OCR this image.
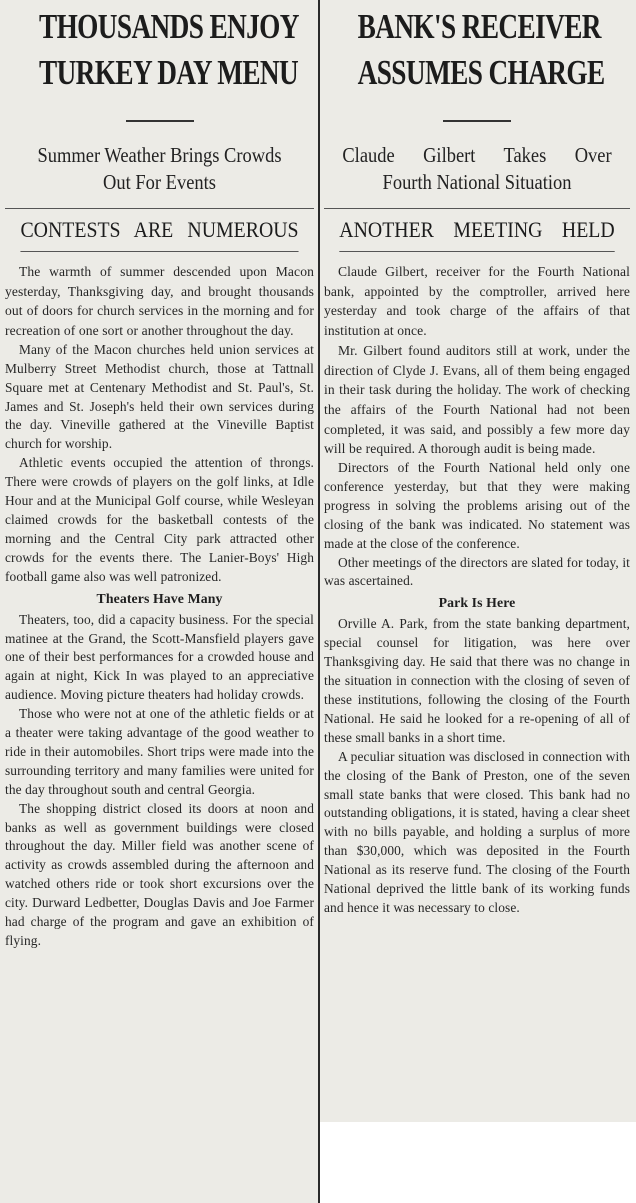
THOUSANDS ENJOY
TURKEY DAY MENU
Summer Weather Brings Crowds
Out For Events
CONTESTS ARE NUMEROUS

The warmth of summer descended upon Macon yesterday, Thanksgiving day, and brought thousands out of doors for church services in the morning and for recreation of one sort or another throughout the day.

Many of the Macon churches held union services at Mulberry Street Methodist church, those at Tattnall Square met at Centenary Methodist and St. Paul's, St. James and St. Joseph's held their own services during the day. Vineville gathered at the Vineville Baptist church for worship.

Athletic events occupied the attention of throngs. There were crowds of players on the golf links, at Idle Hour and at the Municipal Golf course, while Wesleyan claimed crowds for the basketball contests of the morning and the Central City park attracted other crowds for the events there. The Lanier-Boys' High football game also was well patronized.

Theaters Have Many

Theaters, too, did a capacity business. For the special matinee at the Grand, the Scott-Mansfield players gave one of their best performances for a crowded house and again at night, Kick In was played to an appreciative audience. Moving picture theaters had holiday crowds.

Those who were not at one of the athletic fields or at a theater were taking advantage of the good weather to ride in their automobiles. Short trips were made into the surrounding territory and many families were united for the day throughout south and central Georgia.

The shopping district closed its doors at noon and banks as well as government buildings were closed throughout the day. Miller field was another scene of activity as crowds assembled during the afternoon and watched others ride or took short excursions over the city. Durward Ledbetter, Douglas Davis and Joe Farmer had charge of the program and gave an exhibition of flying.

BANK'S RECEIVER
ASSUMES CHARGE
Claude Gilbert Takes Over
Fourth National Situation
ANOTHER MEETING HELD

Claude Gilbert, receiver for the Fourth National bank, appointed by the comptroller, arrived here yesterday and took charge of the affairs of that institution at once.

Mr. Gilbert found auditors still at work, under the direction of Clyde J. Evans, all of them being engaged in their task during the holiday. The work of checking the affairs of the Fourth National had not been completed, it was said, and possibly a few more day will be required. A thorough audit is being made.

Directors of the Fourth National held only one conference yesterday, but that they were making progress in solving the problems arising out of the closing of the bank was indicated. No statement was made at the close of the conference.

Other meetings of the directors are slated for today, it was ascertained.

Park Is Here

Orville A. Park, from the state banking department, special counsel for litigation, was here over Thanksgiving day. He said that there was no change in the situation in connection with the closing of seven of these institutions, following the closing of the Fourth National. He said he looked for a re-opening of all of these small banks in a short time.

A peculiar situation was disclosed in connection with the closing of the Bank of Preston, one of the seven small state banks that were closed. This bank had no outstanding obligations, it is stated, having a clear sheet with no bills payable, and holding a surplus of more than $30,000, which was deposited in the Fourth National as its reserve fund. The closing of the Fourth National deprived the little bank of its working funds and hence it was necessary to close.
